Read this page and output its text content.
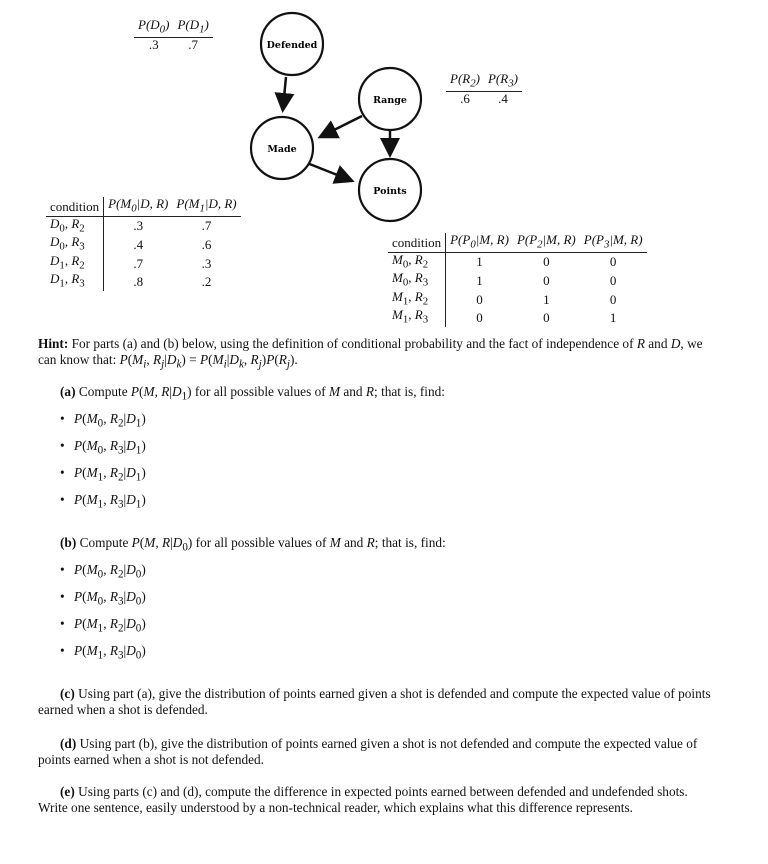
Defended
Range
Made
Points
$P(D_0)$	$P(D_1)$
.3	.7
$P(R_2)$	$P(R_3)$
.6	.4
condition	$P(M_0|D$, R)	$P(M_1|D$, R)
$D_0$, $R_2$	.3	.7
$D_0$, $R_3$	.4	.6
$D_1$, $R_2$	.7	.3
$D_1$, $R_3$	.8	.2
condition	$P(P_0|M$, R)	$P(P_2|M$, R)	$P(P_3|M$, R)
$M_0$, $R_2$	1	0	0
$M_0$, $R_3$	1	0	0
$M_1$, $R_2$	0	1	0
$M_1$, $R_3$	0	0	1
Hint: For parts (a) and (b) below, using the definition of conditional probability and the fact of independence of R and D, we can know that: $P(M_i$, $R_j|D_k) = P(M_i|D_k$, $R_j)P(R_j)$.
(a) Compute P(M, $R|D_1$) for all possible values of M and R; that is, find:
• $P(M_0$, $R_2|D_1$)
• $P(M_0$, $R_3|D_1$)
• $P(M_1$, $R_2|D_1$)
• $P(M_1$, $R_3|D_1$)
(b) Compute P(M, $R|D_0$) for all possible values of M and R; that is, find:
• $P(M_0$, $R_2|D_0$)
• $P(M_0$, $R_3|D_0$)
• $P(M_1$, $R_2|D_0$)
• $P(M_1$, $R_3|D_0$)
(c) Using part (a), give the distribution of points earned given a shot is defended and compute the expected value of points earned when a shot is defended.
(d) Using part (b), give the distribution of points earned given a shot is not defended and compute the expected value of points earned when a shot is not defended.
(e) Using parts (c) and (d), compute the difference in expected points earned between defended and undefended shots. Write one sentence, easily understood by a non-technical reader, which explains what this difference represents.
